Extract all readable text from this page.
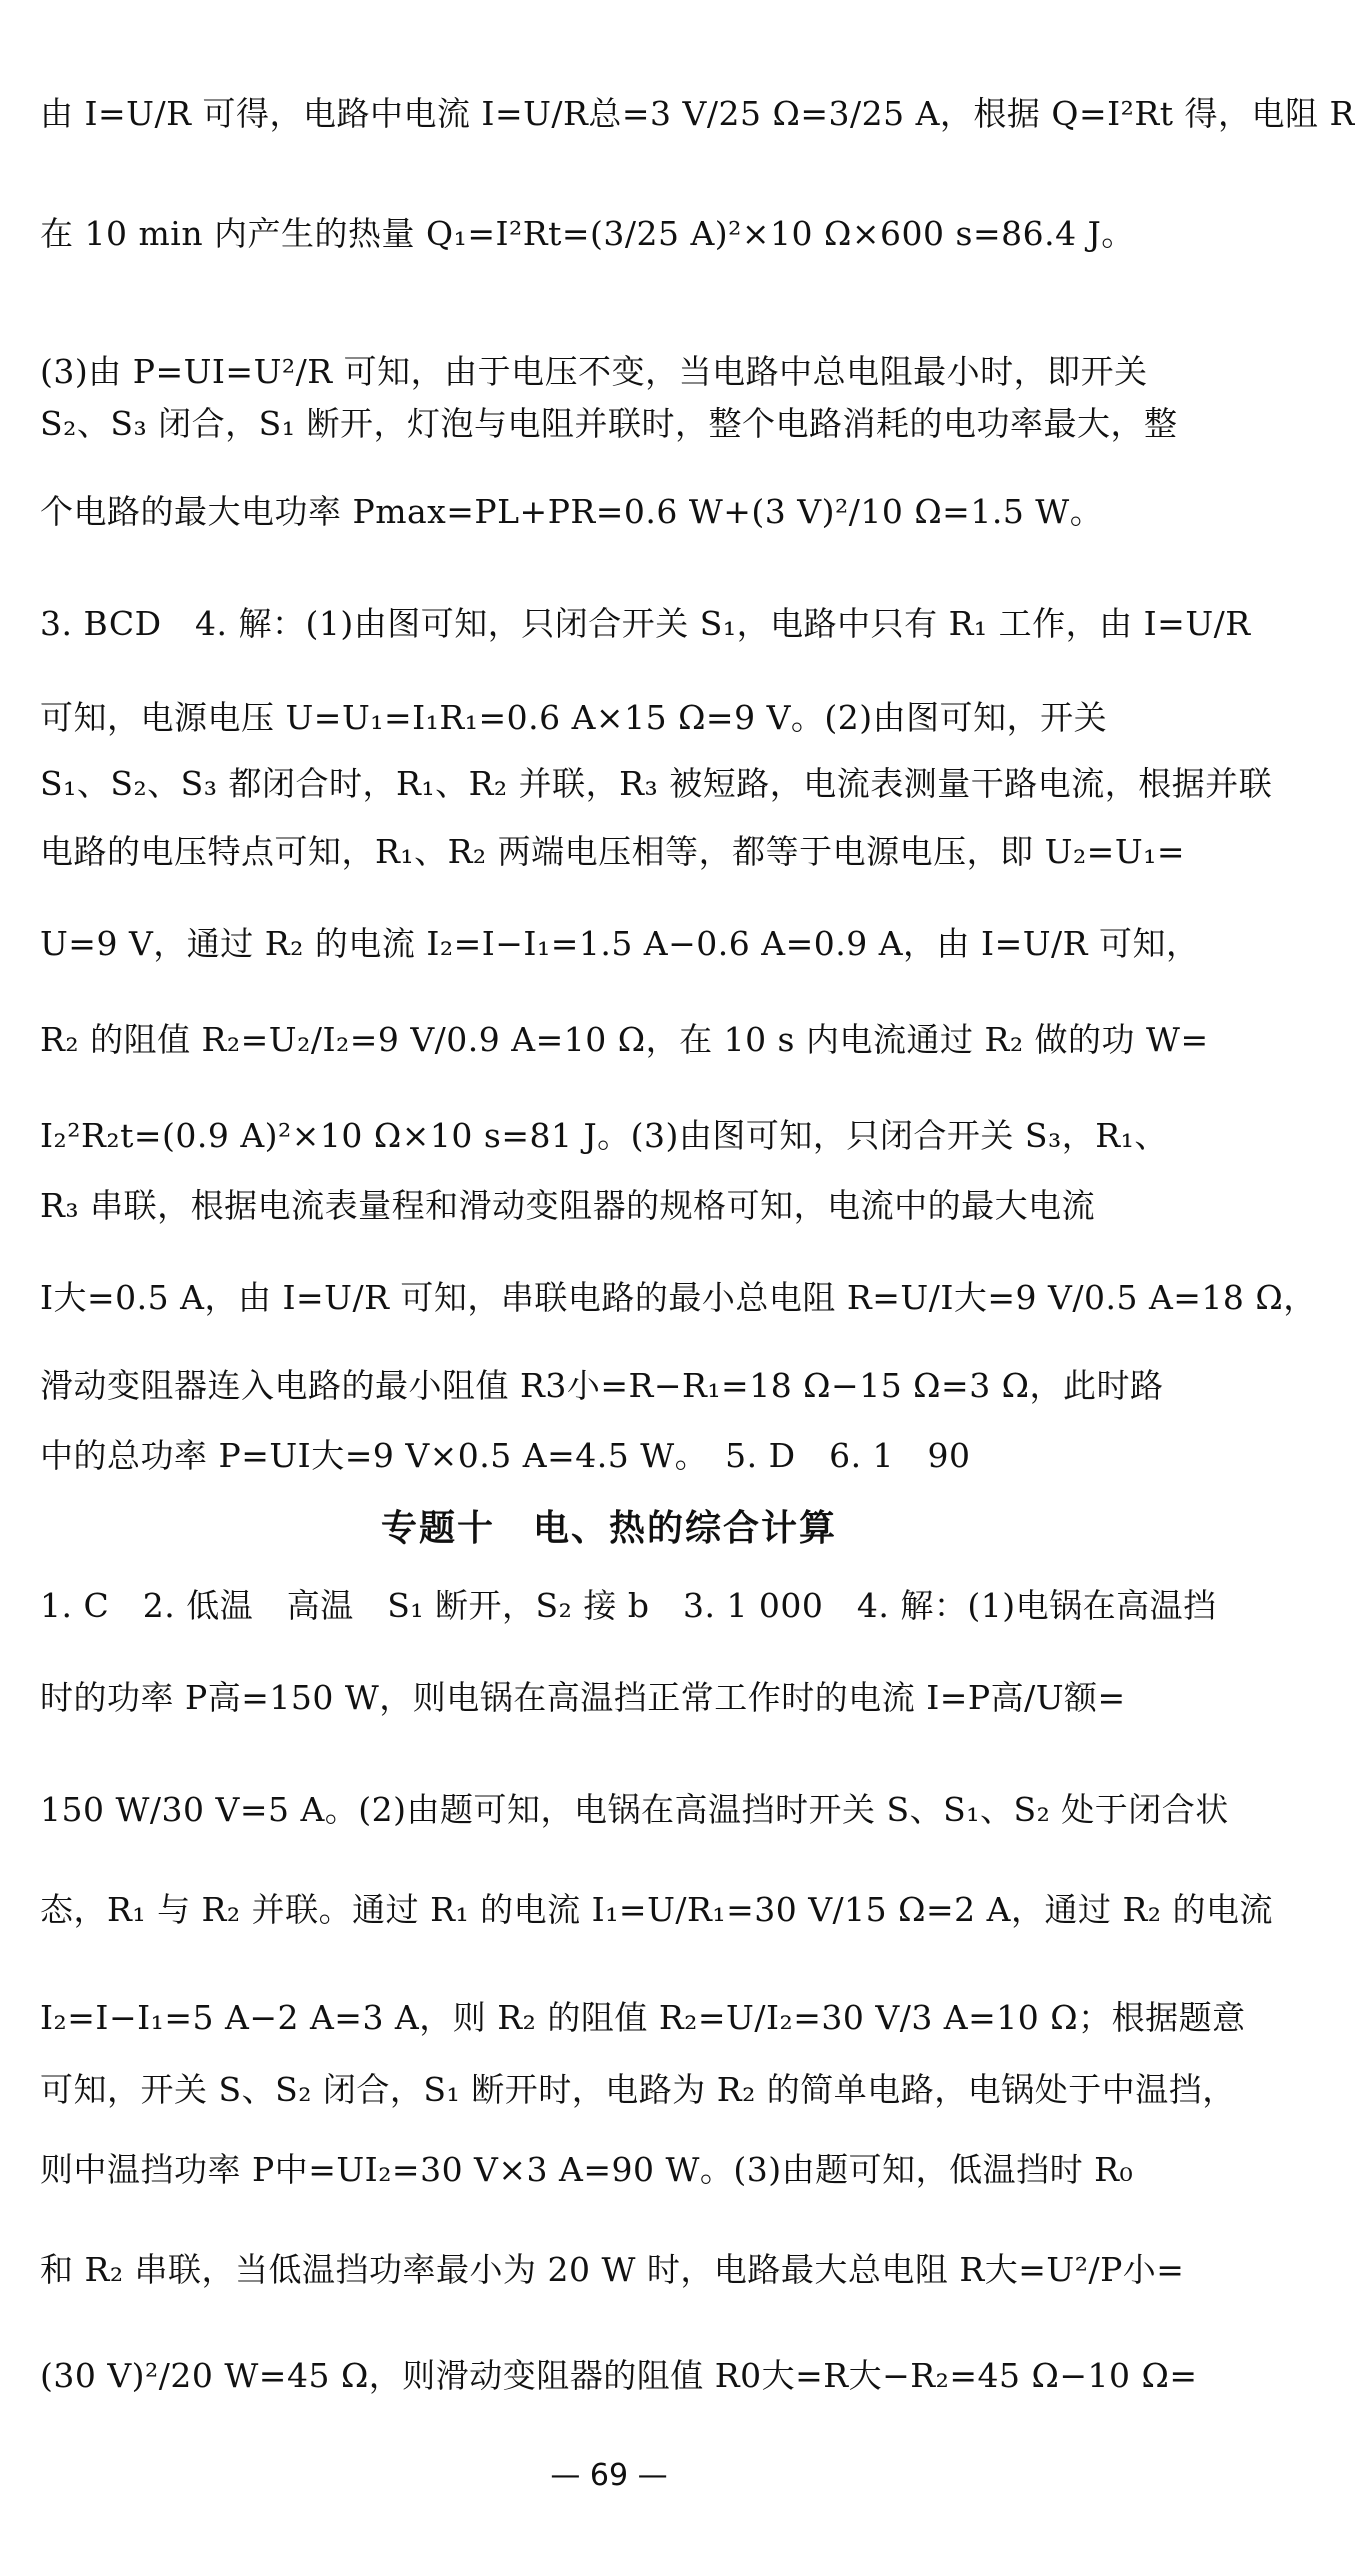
由 I=U/R 可得，电路中电流 I=U/R总=3 V/25 Ω=3/25 A，根据 Q=I²Rt 得，电阻 R
在 10 min 内产生的热量 Q₁=I²Rt=(3/25 A)²×10 Ω×600 s=86.4 J。
(3)由 P=UI=U²/R 可知，由于电压不变，当电路中总电阻最小时，即开关
S₂、S₃ 闭合，S₁ 断开，灯泡与电阻并联时，整个电路消耗的电功率最大，整
个电路的最大电功率 Pmax=PL+PR=0.6 W+(3 V)²/10 Ω=1.5 W。
3. BCD　4. 解：(1)由图可知，只闭合开关 S₁，电路中只有 R₁ 工作，由 I=U/R
可知，电源电压 U=U₁=I₁R₁=0.6 A×15 Ω=9 V。(2)由图可知，开关
S₁、S₂、S₃ 都闭合时，R₁、R₂ 并联，R₃ 被短路，电流表测量干路电流，根据并联
电路的电压特点可知，R₁、R₂ 两端电压相等，都等于电源电压，即 U₂=U₁=
U=9 V，通过 R₂ 的电流 I₂=I−I₁=1.5 A−0.6 A=0.9 A，由 I=U/R 可知，
R₂ 的阻值 R₂=U₂/I₂=9 V/0.9 A=10 Ω，在 10 s 内电流通过 R₂ 做的功 W=
I₂²R₂t=(0.9 A)²×10 Ω×10 s=81 J。(3)由图可知，只闭合开关 S₃，R₁、
R₃ 串联，根据电流表量程和滑动变阻器的规格可知，电流中的最大电流
I大=0.5 A，由 I=U/R 可知，串联电路的最小总电阻 R=U/I大=9 V/0.5 A=18 Ω，
滑动变阻器连入电路的最小阻值 R3小=R−R₁=18 Ω−15 Ω=3 Ω，此时路
中的总功率 P=UI大=9 V×0.5 A=4.5 W。　5. D　6. 1　90
专题十　电、热的综合计算
1. C　2. 低温　高温　S₁ 断开，S₂ 接 b　3. 1 000　4. 解：(1)电锅在高温挡
时的功率 P高=150 W，则电锅在高温挡正常工作时的电流 I=P高/U额=
150 W/30 V=5 A。(2)由题可知，电锅在高温挡时开关 S、S₁、S₂ 处于闭合状
态，R₁ 与 R₂ 并联。通过 R₁ 的电流 I₁=U/R₁=30 V/15 Ω=2 A，通过 R₂ 的电流
I₂=I−I₁=5 A−2 A=3 A，则 R₂ 的阻值 R₂=U/I₂=30 V/3 A=10 Ω；根据题意
可知，开关 S、S₂ 闭合，S₁ 断开时，电路为 R₂ 的简单电路，电锅处于中温挡，
则中温挡功率 P中=UI₂=30 V×3 A=90 W。(3)由题可知，低温挡时 R₀
和 R₂ 串联，当低温挡功率最小为 20 W 时，电路最大总电阻 R大=U²/P小=
(30 V)²/20 W=45 Ω，则滑动变阻器的阻值 R0大=R大−R₂=45 Ω−10 Ω=
— 69 —
